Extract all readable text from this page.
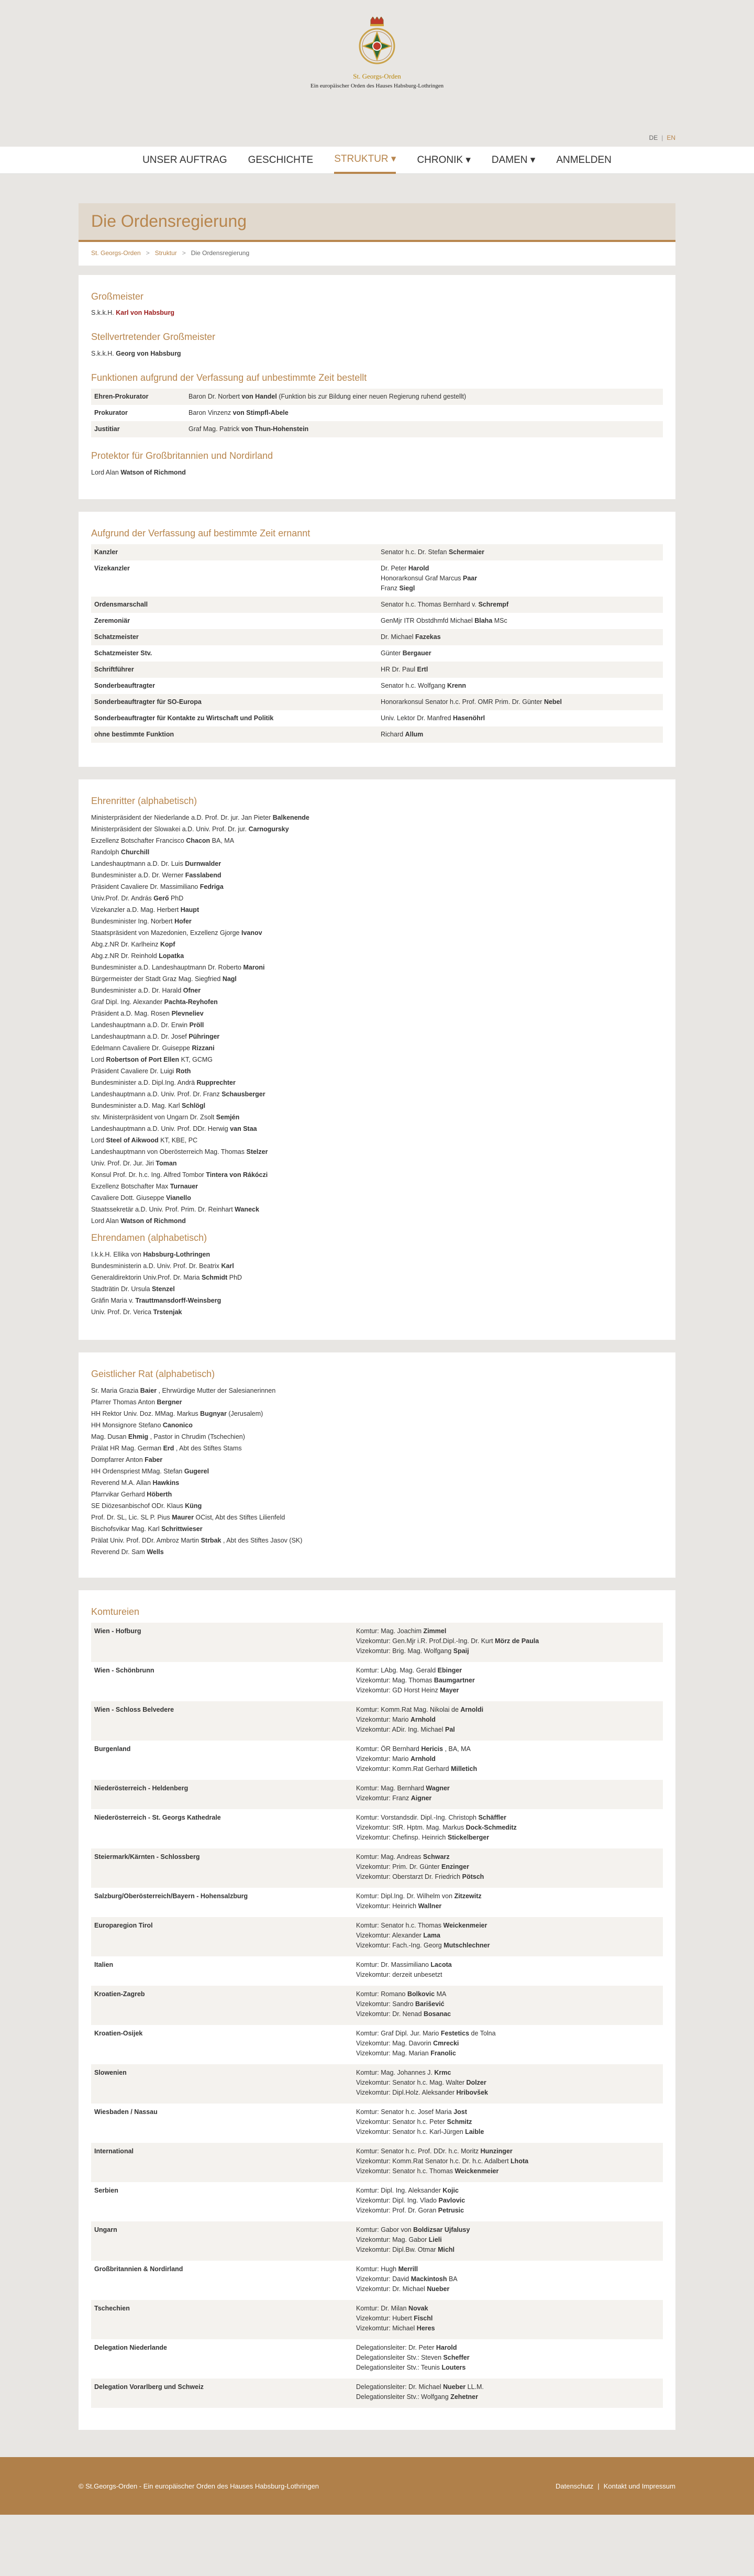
St. Georgs-Orden
Ein europäischer Orden des Hauses Habsburg-Lothringen
DE | EN
UNSER AUFTRAG GESCHICHTE STRUKTUR ▾ CHRONIK ▾ DAMEN ▾ ANMELDEN
Die Ordensregierung
St. Georgs-Orden > Struktur > Die Ordensregierung
Großmeister

S.k.k.H. Karl von Habsburg

Stellvertretender Großmeister

S.k.k.H. Georg von Habsburg

Funktionen aufgrund der Verfassung auf unbestimmte Zeit bestellt
Ehren-Prokurator	Baron Dr. Norbert von Handel (Funktion bis zur Bildung einer neuen Regierung ruhend gestellt)
Prokurator	Baron Vinzenz von Stimpfl-Abele
Justitiar	Graf Mag. Patrick von Thun-Hohenstein
Protektor für Großbritannien und Nordirland

Lord Alan Watson of Richmond

Aufgrund der Verfassung auf bestimmte Zeit ernannt
Kanzler	Senator h.c. Dr. Stefan Schermaier

Vizekanzler	Dr. Peter Harold
Honorarkonsul Graf Marcus Paar
Franz Siegl

Ordensmarschall	Senator h.c. Thomas Bernhard v. Schrempf

Zeremoniär	GenMjr ITR Obstdhmfd Michael Blaha MSc

Schatzmeister	Dr. Michael Fazekas

Schatzmeister Stv.	Günter Bergauer

Schriftführer	HR Dr. Paul Ertl

Sonderbeauftragter	Senator h.c. Wolfgang Krenn

Sonderbeauftragter für SO-Europa	Honorarkonsul Senator h.c. Prof. OMR Prim. Dr. Günter Nebel

Sonderbeauftragter für Kontakte zu Wirtschaft und Politik	Univ. Lektor Dr. Manfred Hasenöhrl

ohne bestimmte Funktion	Richard Allum
Ehrenritter (alphabetisch)

Ministerpräsident der Niederlande a.D. Prof. Dr. jur. Jan Pieter Balkenende

Ministerpräsident der Slowakei a.D. Univ. Prof. Dr. jur. Carnogursky

Exzellenz Botschafter Francisco Chacon BA, MA

Randolph Churchill

Landeshauptmann a.D. Dr. Luis Durnwalder

Bundesminister a.D. Dr. Werner Fasslabend

Präsident Cavaliere Dr. Massimiliano Fedriga

Univ.Prof. Dr. András Gerő PhD

Vizekanzler a.D. Mag. Herbert Haupt

Bundesminister Ing. Norbert Hofer

Staatspräsident von Mazedonien, Exzellenz Gjorge Ivanov

Abg.z.NR Dr. Karlheinz Kopf

Abg.z.NR Dr. Reinhold Lopatka

Bundesminister a.D. Landeshauptmann Dr. Roberto Maroni

Bürgermeister der Stadt Graz Mag. Siegfried Nagl

Bundesminister a.D. Dr. Harald Ofner

Graf Dipl. Ing. Alexander Pachta-Reyhofen

Präsident a.D. Mag. Rosen Plevneliev

Landeshauptmann a.D. Dr. Erwin Pröll

Landeshauptmann a.D. Dr. Josef Pühringer

Edelmann Cavaliere Dr. Guiseppe Rizzani

Lord Robertson of Port Ellen KT, GCMG

Präsident Cavaliere Dr. Luigi Roth

Bundesminister a.D. Dipl.Ing. Andrä Rupprechter

Landeshauptmann a.D. Univ. Prof. Dr. Franz Schausberger

Bundesminister a.D. Mag. Karl Schlögl

stv. Ministerpräsident von Ungarn Dr. Zsolt Semjén

Landeshauptmann a.D. Univ. Prof. DDr. Herwig van Staa

Lord Steel of Aikwood KT, KBE, PC

Landeshauptmann von Oberösterreich Mag. Thomas Stelzer

Univ. Prof. Dr. Jur. Jiri Toman

Konsul Prof. Dr. h.c. Ing. Alfred Tombor Tintera von Rákóczi

Exzellenz Botschafter Max Turnauer

Cavaliere Dott. Giuseppe Vianello

Staatssekretär a.D. Univ. Prof. Prim. Dr. Reinhart Waneck

Lord Alan Watson of Richmond

Ehrendamen (alphabetisch)

I.k.k.H. Ellika von Habsburg-Lothringen

Bundesministerin a.D. Univ. Prof. Dr. Beatrix Karl

Generaldirektorin Univ.Prof. Dr. Maria Schmidt PhD

Stadträtin Dr. Ursula Stenzel

Gräfin Maria v. Trauttmansdorff-Weinsberg

Univ. Prof. Dr. Verica Trstenjak

Geistlicher Rat (alphabetisch)

Sr. Maria Grazia Baier , Ehrwürdige Mutter der Salesianerinnen

Pfarrer Thomas Anton Bergner

HH Rektor Univ. Doz. MMag. Markus Bugnyar (Jerusalem)

HH Monsignore Stefano Canonico

Mag. Dusan Ehmig , Pastor in Chrudim (Tschechien)

Prälat HR Mag. German Erd , Abt des Stiftes Stams

Dompfarrer Anton Faber

HH Ordenspriest MMag. Stefan Gugerel

Reverend M.A. Allan Hawkins

Pfarrvikar Gerhard Höberth

SE Diözesanbischof ODr. Klaus Küng

Prof. Dr. SL, Lic. SL P. Pius Maurer OCist, Abt des Stiftes Lilienfeld

Bischofsvikar Mag. Karl Schrittwieser

Prälat Univ. Prof. DDr. Ambroz Martin Strbak , Abt des Stiftes Jasov (SK)

Reverend Dr. Sam Wells

Komtureien
Wien - Hofburg	Komtur: Mag. Joachim Zimmel
Vizekomtur: Gen.Mjr i.R. Prof.Dipl.-Ing. Dr. Kurt Mörz de Paula
Vizekomtur: Brig. Mag. Wolfgang Spaij

Wien - Schönbrunn	Komtur: LAbg. Mag. Gerald Ebinger
Vizekomtur: Mag. Thomas Baumgartner
Vizekomtur: GD Horst Heinz Mayer

Wien - Schloss Belvedere	Komtur: Komm.Rat Mag. Nikolai de Arnoldi
Vizekomtur: Mario Arnhold
Vizekomtur: ADir. Ing. Michael Pal

Burgenland	Komtur: ÖR Bernhard Hericis , BA, MA
Vizekomtur: Mario Arnhold
Vizekomtur: Komm.Rat Gerhard Milletich

Niederösterreich - Heldenberg	Komtur: Mag. Bernhard Wagner
Vizekomtur: Franz Aigner

Niederösterreich - St. Georgs Kathedrale	Komtur: Vorstandsdir. Dipl.-Ing. Christoph Schäffler
Vizekomtur: StR. Hptm. Mag. Markus Dock-Schmeditz
Vizekomtur: Chefinsp. Heinrich Stickelberger

Steiermark/Kärnten - Schlossberg	Komtur: Mag. Andreas Schwarz
Vizekomtur: Prim. Dr. Günter Enzinger
Vizekomtur: Oberstarzt Dr. Friedrich Pötsch

Salzburg/Oberösterreich/Bayern - Hohensalzburg	Komtur: Dipl.Ing. Dr. Wilhelm von Zitzewitz
Vizekomtur: Heinrich Wallner

Europaregion Tirol	Komtur: Senator h.c. Thomas Weickenmeier
Vizekomtur: Alexander Lama
Vizekomtur: Fach.-Ing. Georg Mutschlechner

Italien	Komtur: Dr. Massimiliano Lacota
Vizekomtur: derzeit unbesetzt

Kroatien-Zagreb	Komtur: Romano Bolkovic MA
Vizekomtur: Sandro Barišević
Vizekomtur: Dr. Nenad Bosanac

Kroatien-Osijek	Komtur: Graf Dipl. Jur. Mario Festetics de Tolna
Vizekomtur: Mag. Davorin Cmrecki
Vizekomtur: Mag. Marian Franolic

Slowenien	Komtur: Mag. Johannes J. Krmc
Vizekomtur: Senator h.c. Mag. Walter Dolzer
Vizekomtur: Dipl.Holz. Aleksander Hribovšek

Wiesbaden / Nassau	Komtur: Senator h.c. Josef Maria Jost
Vizekomtur: Senator h.c. Peter Schmitz
Vizekomtur: Senator h.c. Karl-Jürgen Laible

International	Komtur: Senator h.c. Prof. DDr. h.c. Moritz Hunzinger
Vizekomtur: Komm.Rat Senator h.c. Dr. h.c. Adalbert Lhota
Vizekomtur: Senator h.c. Thomas Weickenmeier

Serbien	Komtur: Dipl. Ing. Aleksander Kojic
Vizekomtur: Dipl. Ing. Vlado Pavlovic
Vizekomtur: Prof. Dr. Goran Petrusic

Ungarn	Komtur: Gabor von Boldizsar Ujfalusy
Vizekomtur: Mag. Gabor Lieli
Vizekomtur: Dipl.Bw. Otmar Michl

Großbritannien & Nordirland	Komtur: Hugh Merrill
Vizekomtur: David Mackintosh BA
Vizekomtur: Dr. Michael Nueber

Tschechien	Komtur: Dr. Milan Novak
Vizekomtur: Hubert Fischl
Vizekomtur: Michael Heres

Delegation Niederlande	Delegationsleiter: Dr. Peter Harold
Delegationsleiter Stv.: Steven Scheffer
Delegationsleiter Stv.: Teunis Louters

Delegation Vorarlberg und Schweiz	Delegationsleiter: Dr. Michael Nueber LL.M.
Delegationsleiter Stv.: Wolfgang Zehetner
© St.Georgs-Orden - Ein europäischer Orden des Hauses Habsburg-Lothringen	Datenschutz | Kontakt und Impressum
